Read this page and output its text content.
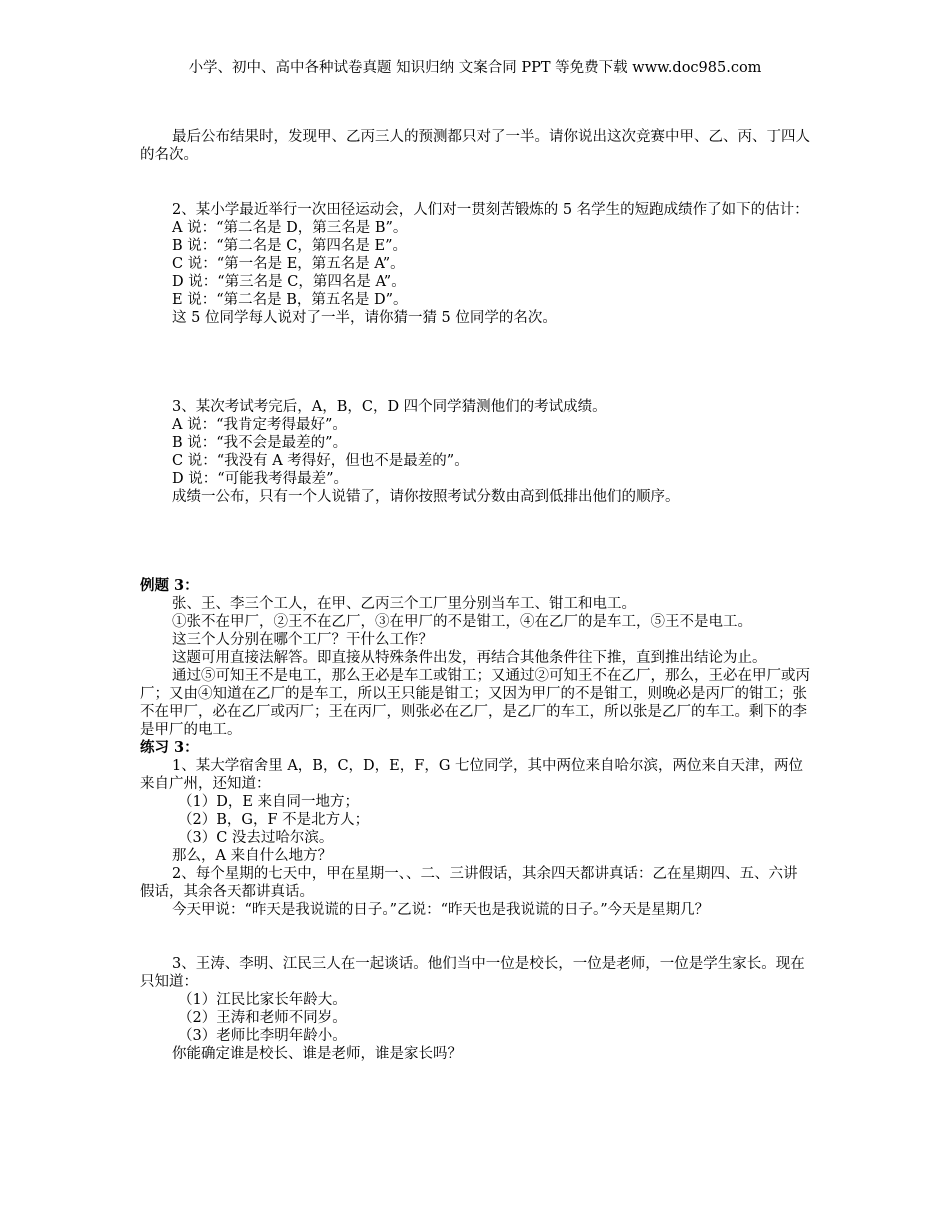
小学、初中、高中各种试卷真题 知识归纳 文案合同 PPT 等免费下载 www.doc985.com

最后公布结果时，发现甲、乙丙三人的预测都只对了一半。请你说出这次竞赛中甲、乙、丙、丁四人的名次。

2、某小学最近举行一次田径运动会，人们对一贯刻苦锻炼的 5 名学生的短跑成绩作了如下的估计：

A 说：“第二名是 D，第三名是 B”。

B 说：“第二名是 C，第四名是 E”。

C 说：“第一名是 E，第五名是 A”。

D 说：“第三名是 C，第四名是 A”。

E 说：“第二名是 B，第五名是 D”。

这 5 位同学每人说对了一半，请你猜一猜 5 位同学的名次。

3、某次考试考完后，A，B，C，D 四个同学猜测他们的考试成绩。

A 说：“我肯定考得最好”。

B 说：“我不会是最差的”。

C 说：“我没有 A 考得好，但也不是最差的”。

D 说：“可能我考得最差”。

成绩一公布，只有一个人说错了，请你按照考试分数由高到低排出他们的顺序。

例题 3：

张、王、李三个工人，在甲、乙丙三个工厂里分别当车工、钳工和电工。

①张不在甲厂，②王不在乙厂，③在甲厂的不是钳工，④在乙厂的是车工，⑤王不是电工。

这三个人分别在哪个工厂？干什么工作？

这题可用直接法解答。即直接从特殊条件出发，再结合其他条件往下推，直到推出结论为止。

通过⑤可知王不是电工，那么王必是车工或钳工；又通过②可知王不在乙厂，那么，王必在甲厂或丙厂；又由④知道在乙厂的是车工，所以王只能是钳工；又因为甲厂的不是钳工，则晚必是丙厂的钳工；张不在甲厂，必在乙厂或丙厂；王在丙厂，则张必在乙厂，是乙厂的车工，所以张是乙厂的车工。剩下的李是甲厂的电工。

练习 3：

1、某大学宿舍里 A，B，C，D，E，F，G 七位同学，其中两位来自哈尔滨，两位来自天津，两位来自广州，还知道：

（1）D，E 来自同一地方；

（2）B，G，F 不是北方人；

（3）C 没去过哈尔滨。

那么，A 来自什么地方？

2、每个星期的七天中，甲在星期一、、二、三讲假话，其余四天都讲真话：乙在星期四、五、六讲假话，其余各天都讲真话。

今天甲说：“昨天是我说谎的日子。”乙说：“昨天也是我说谎的日子。”今天是星期几？

3、王涛、李明、江民三人在一起谈话。他们当中一位是校长，一位是老师，一位是学生家长。现在只知道：

（1）江民比家长年龄大。

（2）王涛和老师不同岁。

（3）老师比李明年龄小。

你能确定谁是校长、谁是老师，谁是家长吗？
